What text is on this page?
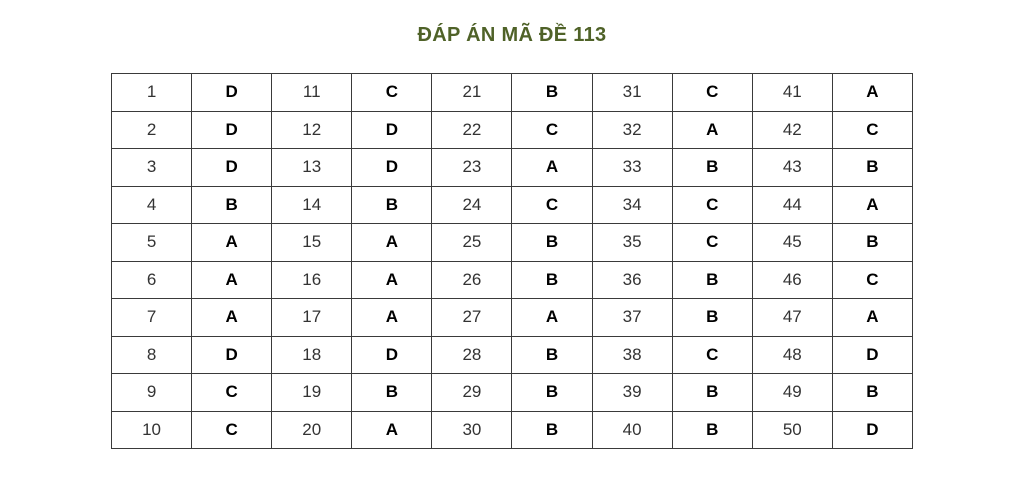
ĐÁP ÁN MÃ ĐỀ 113
1	D	11	C	21	B	31	C	41	A
2	D	12	D	22	C	32	A	42	C
3	D	13	D	23	A	33	B	43	B
4	B	14	B	24	C	34	C	44	A
5	A	15	A	25	B	35	C	45	B
6	A	16	A	26	B	36	B	46	C
7	A	17	A	27	A	37	B	47	A
8	D	18	D	28	B	38	C	48	D
9	C	19	B	29	B	39	B	49	B
10	C	20	A	30	B	40	B	50	D
